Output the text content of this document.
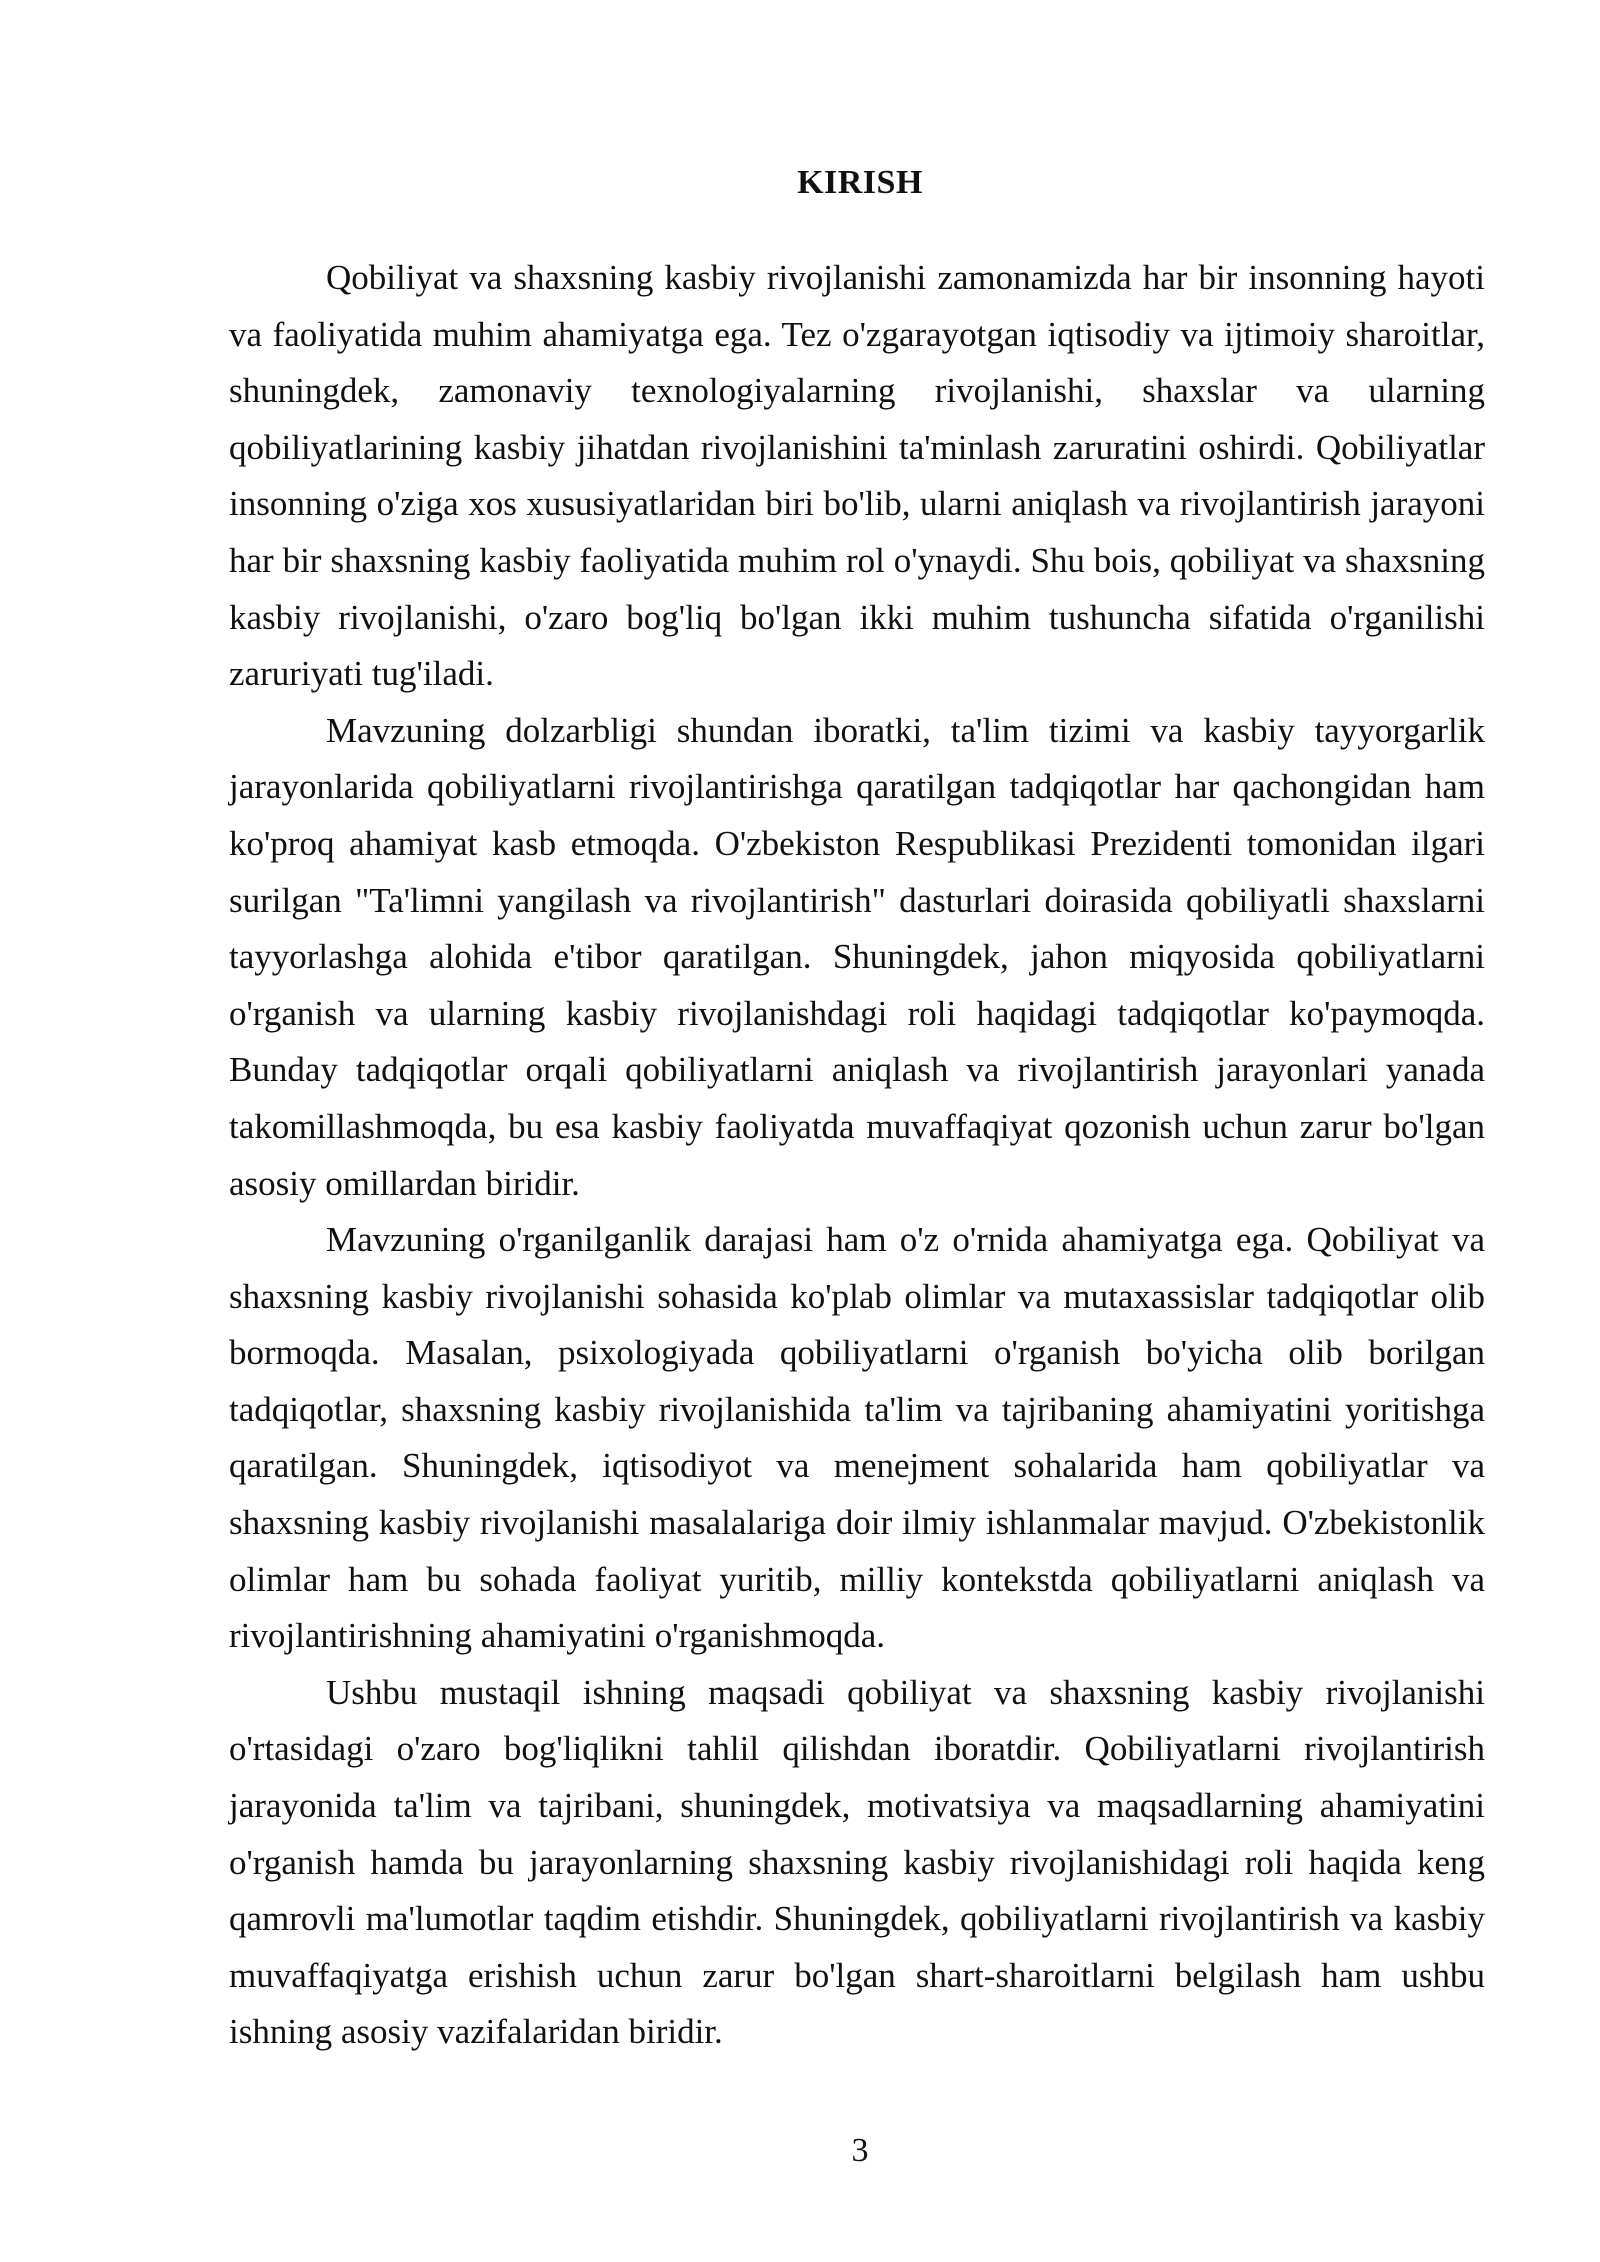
KIRISH

Qobiliyat va shaxsning kasbiy rivojlanishi zamonamizda har bir insonning hayoti va faoliyatida muhim ahamiyatga ega. Tez o'zgarayotgan iqtisodiy va ijtimoiy sharoitlar, shuningdek, zamonaviy texnologiyalarning rivojlanishi, shaxslar va ularning qobiliyatlarining kasbiy jihatdan rivojlanishini ta'minlash zaruratini oshirdi. Qobiliyatlar insonning o'ziga xos xususiyatlaridan biri bo'lib, ularni aniqlash va rivojlantirish jarayoni har bir shaxsning kasbiy faoliyatida muhim rol o'ynaydi. Shu bois, qobiliyat va shaxsning kasbiy rivojlanishi, o'zaro bog'liq bo'lgan ikki muhim tushuncha sifatida o'rganilishi zaruriyati tug'iladi.

Mavzuning dolzarbligi shundan iboratki, ta'lim tizimi va kasbiy tayyorgarlik jarayonlarida qobiliyatlarni rivojlantirishga qaratilgan tadqiqotlar har qachongidan ham ko'proq ahamiyat kasb etmoqda. O'zbekiston Respublikasi Prezidenti tomonidan ilgari surilgan "Ta'limni yangilash va rivojlantirish" dasturlari doirasida qobiliyatli shaxslarni tayyorlashga alohida e'tibor qaratilgan. Shuningdek, jahon miqyosida qobiliyatlarni o'rganish va ularning kasbiy rivojlanishdagi roli haqidagi tadqiqotlar ko'paymoqda. Bunday tadqiqotlar orqali qobiliyatlarni aniqlash va rivojlantirish jarayonlari yanada takomillashmoqda, bu esa kasbiy faoliyatda muvaffaqiyat qozonish uchun zarur bo'lgan asosiy omillardan biridir.

Mavzuning o'rganilganlik darajasi ham o'z o'rnida ahamiyatga ega. Qobiliyat va shaxsning kasbiy rivojlanishi sohasida ko'plab olimlar va mutaxassislar tadqiqotlar olib bormoqda. Masalan, psixologiyada qobiliyatlarni o'rganish bo'yicha olib borilgan tadqiqotlar, shaxsning kasbiy rivojlanishida ta'lim va tajribaning ahamiyatini yoritishga qaratilgan. Shuningdek, iqtisodiyot va menejment sohalarida ham qobiliyatlar va shaxsning kasbiy rivojlanishi masalalariga doir ilmiy ishlanmalar mavjud. O'zbekistonlik olimlar ham bu sohada faoliyat yuritib, milliy kontekstda qobiliyatlarni aniqlash va rivojlantirishning ahamiyatini o'rganishmoqda.

Ushbu mustaqil ishning maqsadi qobiliyat va shaxsning kasbiy rivojlanishi o'rtasidagi o'zaro bog'liqlikni tahlil qilishdan iboratdir. Qobiliyatlarni rivojlantirish jarayonida ta'lim va tajribani, shuningdek, motivatsiya va maqsadlarning ahamiyatini o'rganish hamda bu jarayonlarning shaxsning kasbiy rivojlanishidagi roli haqida keng qamrovli ma'lumotlar taqdim etishdir. Shuningdek, qobiliyatlarni rivojlantirish va kasbiy muvaffaqiyatga erishish uchun zarur bo'lgan shart-sharoitlarni belgilash ham ushbu ishning asosiy vazifalaridan biridir.

3
